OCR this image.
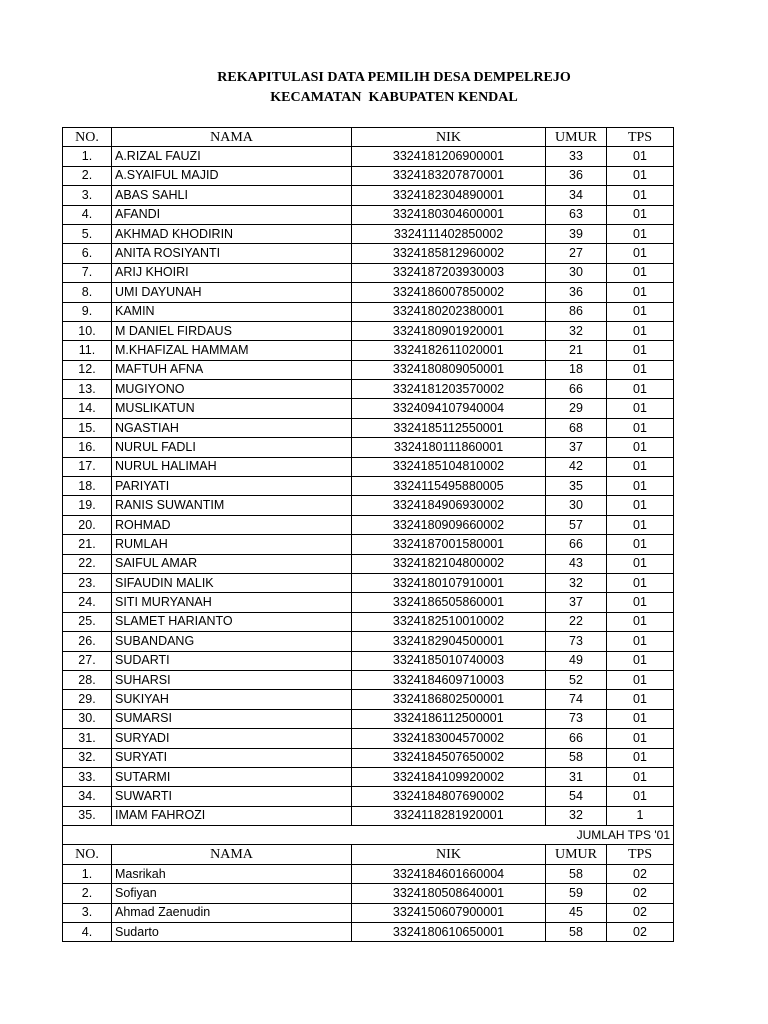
REKAPITULASI DATA PEMILIH DESA DEMPELREJO
KECAMATAN  KABUPATEN KENDAL
NO.	NAMA	NIK	UMUR	TPS
1.	A.RIZAL FAUZI	3324181206900001	33	01
2.	A.SYAIFUL MAJID	3324183207870001	36	01
3.	ABAS SAHLI	3324182304890001	34	01
4.	AFANDI	3324180304600001	63	01
5.	AKHMAD KHODIRIN	3324111402850002	39	01
6.	ANITA ROSIYANTI	3324185812960002	27	01
7.	ARIJ KHOIRI	3324187203930003	30	01
8.	UMI DAYUNAH	3324186007850002	36	01
9.	KAMIN	3324180202380001	86	01
10.	M DANIEL FIRDAUS	3324180901920001	32	01
11.	M.KHAFIZAL HAMMAM	3324182611020001	21	01
12.	MAFTUH AFNA	3324180809050001	18	01
13.	MUGIYONO	3324181203570002	66	01
14.	MUSLIKATUN	3324094107940004	29	01
15.	NGASTIAH	3324185112550001	68	01
16.	NURUL FADLI	3324180111860001	37	01
17.	NURUL HALIMAH	3324185104810002	42	01
18.	PARIYATI	3324115495880005	35	01
19.	RANIS SUWANTIM	3324184906930002	30	01
20.	ROHMAD	3324180909660002	57	01
21.	RUMLAH	3324187001580001	66	01
22.	SAIFUL AMAR	3324182104800002	43	01
23.	SIFAUDIN MALIK	3324180107910001	32	01
24.	SITI MURYANAH	3324186505860001	37	01
25.	SLAMET HARIANTO	3324182510010002	22	01
26.	SUBANDANG	3324182904500001	73	01
27.	SUDARTI	3324185010740003	49	01
28.	SUHARSI	3324184609710003	52	01
29.	SUKIYAH	3324186802500001	74	01
30.	SUMARSI	3324186112500001	73	01
31.	SURYADI	3324183004570002	66	01
32.	SURYATI	3324184507650002	58	01
33.	SUTARMI	3324184109920002	31	01
34.	SUWARTI	3324184807690002	54	01
35.	IMAM FAHROZI	3324118281920001	32	1
JUMLAH TPS '01				
NO.	NAMA	NIK	UMUR	TPS
1.	Masrikah	3324184601660004	58	02
2.	Sofiyan	3324180508640001	59	02
3.	Ahmad Zaenudin	3324150607900001	45	02
4.	Sudarto	3324180610650001	58	02
